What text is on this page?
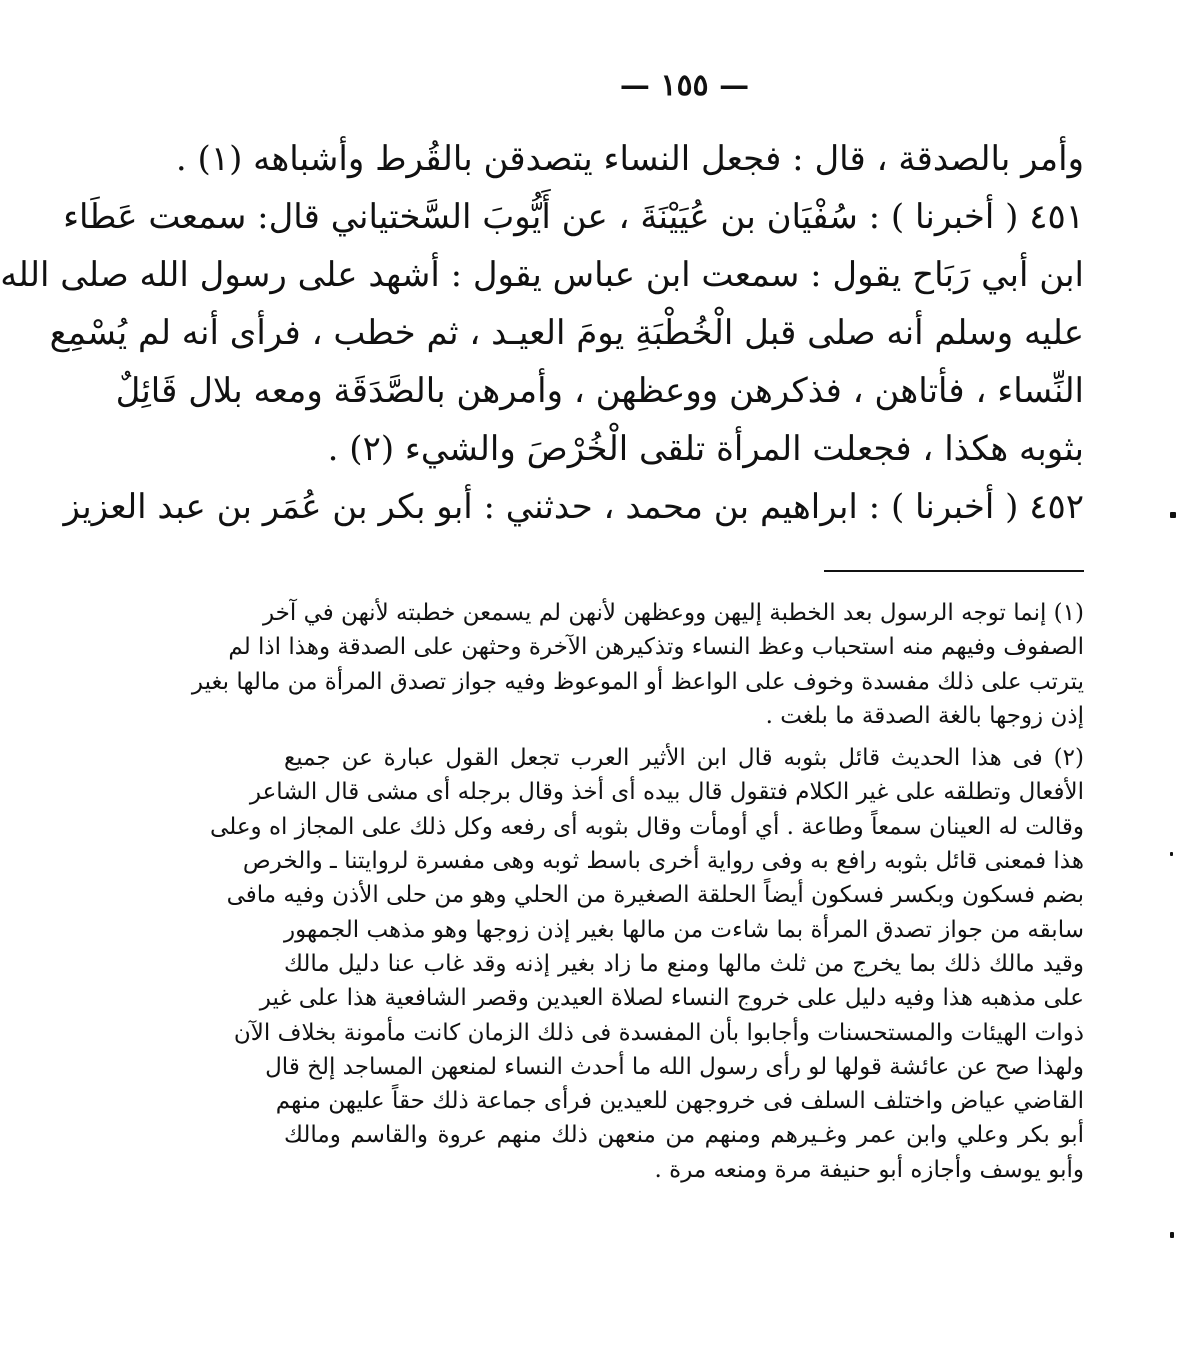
— ١٥٥ —
وأمر بالصدقة ، قال : فجعل النساء يتصدقن بالقُرط وأشباهه (١) .
٤٥١ ( أخبرنا ) : سُفْيَان بن عُيَيْنَةَ ، عن أَيُّوبَ السَّختياني قال: سمعت عَطَاء
ابن أبي رَبَاح يقول : سمعت ابن عباس يقول : أشهد على رسول الله صلى الله
عليه وسلم أنه صلى قبل الْخُطْبَةِ يومَ العيـد ، ثم خطب ، فرأى أنه لم يُسْمِع
النِّساء ، فأتاهن ، فذكرهن ووعظهن ، وأمرهن بالصَّدَقَة ومعه بلال قَائِلٌ
بثوبه هكذا ، فجعلت المرأة تلقى الْخُرْصَ والشيء (٢) .
٤٥٢ ( أخبرنا ) : ابراهيم بن محمد ، حدثني : أبو بكر بن عُمَر بن عبد العزيز
(١) إنما توجه الرسول بعد الخطبة إليهن ووعظهن لأنهن لم يسمعن خطبته لأنهن في آخر
الصفوف وفيهم منه استحباب وعظ النساء وتذكيرهن الآخرة وحثهن على الصدقة وهذا اذا لم
يترتب على ذلك مفسدة وخوف على الواعظ أو الموعوظ وفيه جواز تصدق المرأة من مالها بغير
إذن زوجها بالغة الصدقة ما بلغت .
(٢) فى هذا الحديث قائل بثوبه قال ابن الأثير العرب تجعل القول عبارة عن جميع
الأفعال وتطلقه على غير الكلام فتقول قال بيده أى أخذ وقال برجله أى مشى قال الشاعر
وقالت له العينان سمعاً وطاعة . أي أومأت وقال بثوبه أى رفعه وكل ذلك على المجاز اه وعلى
هذا فمعنى قائل بثوبه رافع به وفى رواية أخرى باسط ثوبه وهى مفسرة لروايتنا ـ والخرص
بضم فسكون وبكسر فسكون أيضاً الحلقة الصغيرة من الحلي وهو من حلى الأذن وفيه مافى
سابقه من جواز تصدق المرأة بما شاءت من مالها بغير إذن زوجها وهو مذهب الجمهور
وقيد مالك ذلك بما يخرج من ثلث مالها ومنع ما زاد بغير إذنه وقد غاب عنا دليل مالك
على مذهبه هذا وفيه دليل على خروج النساء لصلاة العيدين وقصر الشافعية هذا على غير
ذوات الهيئات والمستحسنات وأجابوا بأن المفسدة فى ذلك الزمان كانت مأمونة بخلاف الآن
ولهذا صح عن عائشة قولها لو رأى رسول الله ما أحدث النساء لمنعهن المساجد إلخ قال
القاضي عياض واختلف السلف فى خروجهن للعيدين فرأى جماعة ذلك حقاً عليهن منهم
أبو بكر وعلي وابن عمر وغـيرهم ومنهم من منعهن ذلك منهم عروة والقاسم ومالك
وأبو يوسف وأجازه أبو حنيفة مرة ومنعه مرة .
